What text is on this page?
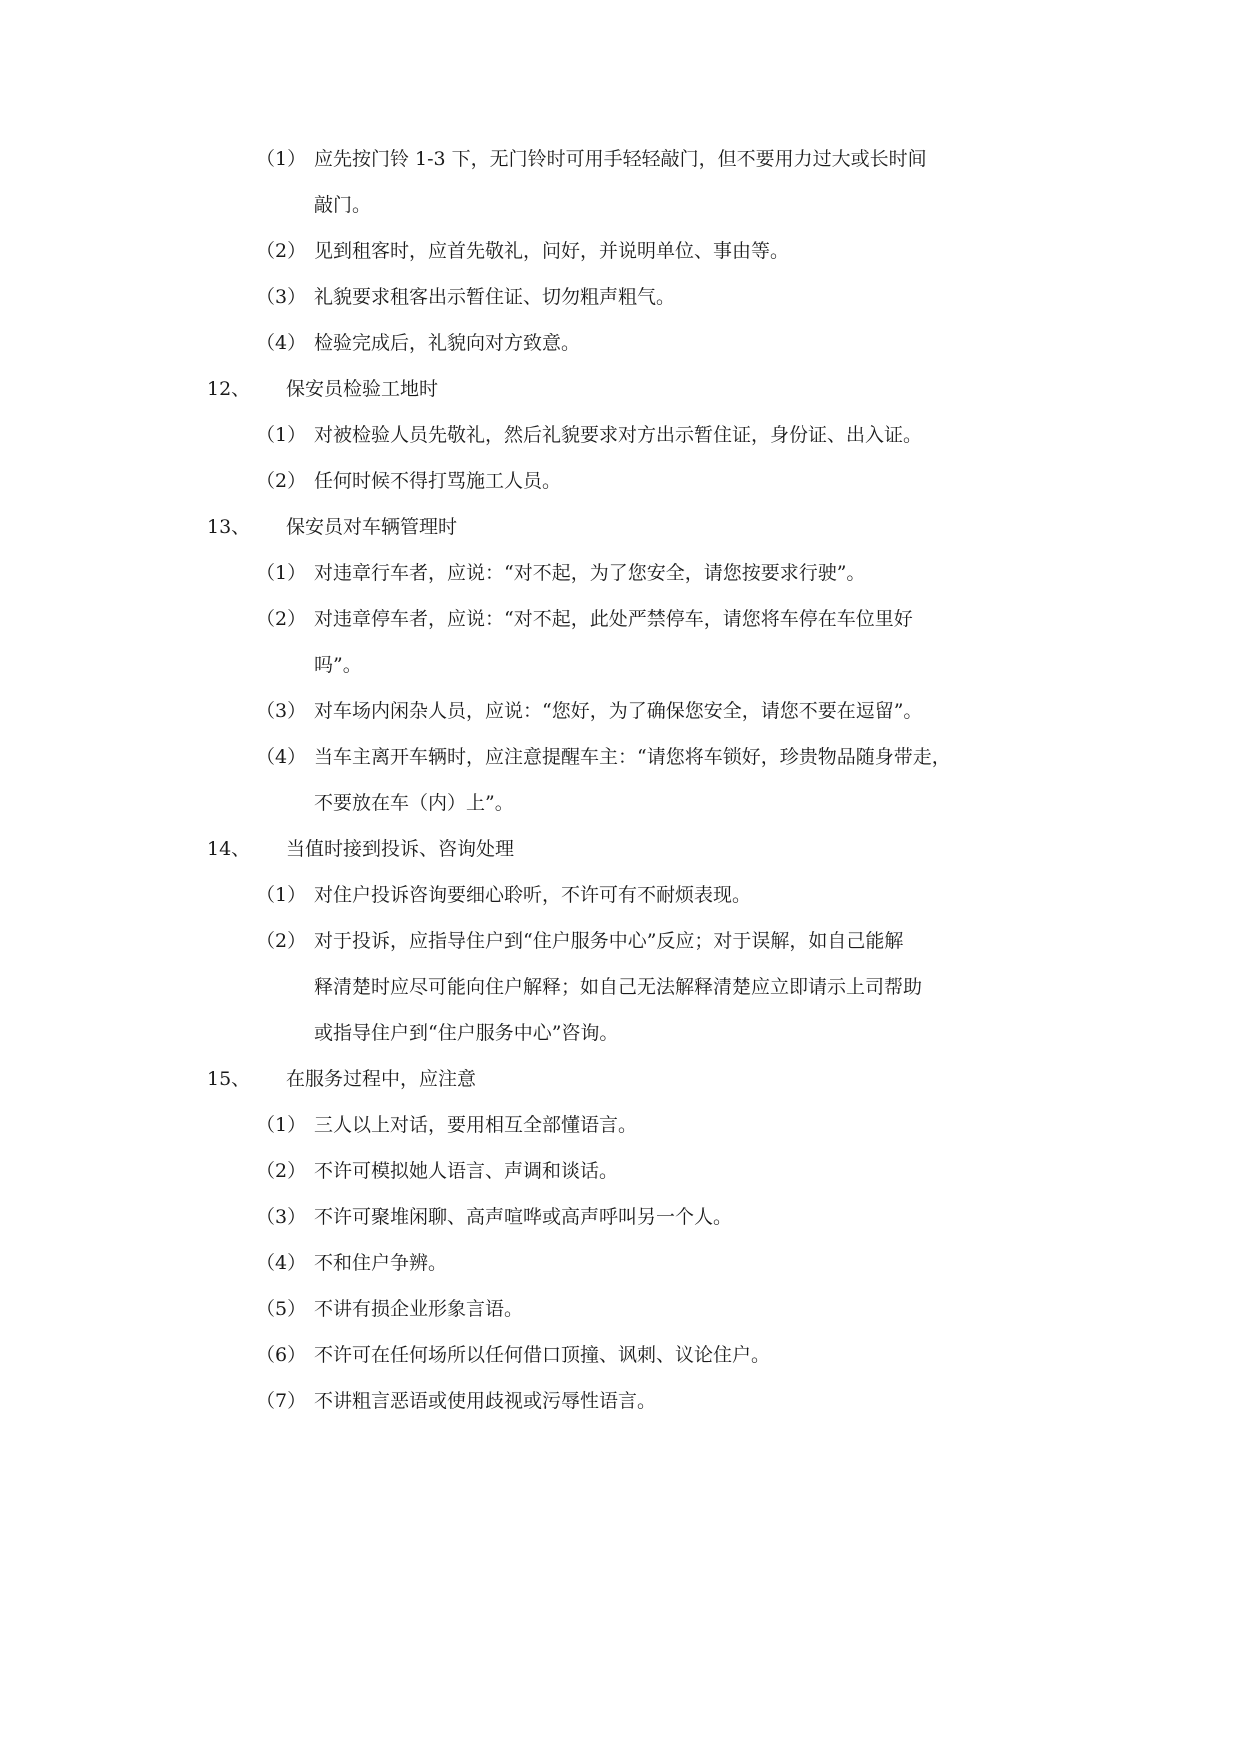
（1） 应先按门铃 1-3 下，无门铃时可用手轻轻敲门，但不要用力过大或长时间
敲门。
（2） 见到租客时，应首先敬礼，问好，并说明单位、事由等。
（3） 礼貌要求租客出示暂住证、切勿粗声粗气。
（4） 检验完成后，礼貌向对方致意。
12、 保安员检验工地时
（1） 对被检验人员先敬礼，然后礼貌要求对方出示暂住证，身份证、出入证。
（2） 任何时候不得打骂施工人员。
13、 保安员对车辆管理时
（1） 对违章行车者，应说：“对不起，为了您安全，请您按要求行驶”。
（2） 对违章停车者，应说：“对不起，此处严禁停车，请您将车停在车位里好
吗”。
（3） 对车场内闲杂人员，应说：“您好，为了确保您安全，请您不要在逗留”。
（4） 当车主离开车辆时，应注意提醒车主：“请您将车锁好，珍贵物品随身带走，
不要放在车（内）上”。
14、 当值时接到投诉、咨询处理
（1） 对住户投诉咨询要细心聆听，不许可有不耐烦表现。
（2） 对于投诉，应指导住户到“住户服务中心”反应；对于误解，如自己能解
释清楚时应尽可能向住户解释；如自己无法解释清楚应立即请示上司帮助
或指导住户到“住户服务中心”咨询。
15、 在服务过程中，应注意
（1） 三人以上对话，要用相互全部懂语言。
（2） 不许可模拟她人语言、声调和谈话。
（3） 不许可聚堆闲聊、高声喧哗或高声呼叫另一个人。
（4） 不和住户争辨。
（5） 不讲有损企业形象言语。
（6） 不许可在任何场所以任何借口顶撞、讽刺、议论住户。
（7） 不讲粗言恶语或使用歧视或污辱性语言。
